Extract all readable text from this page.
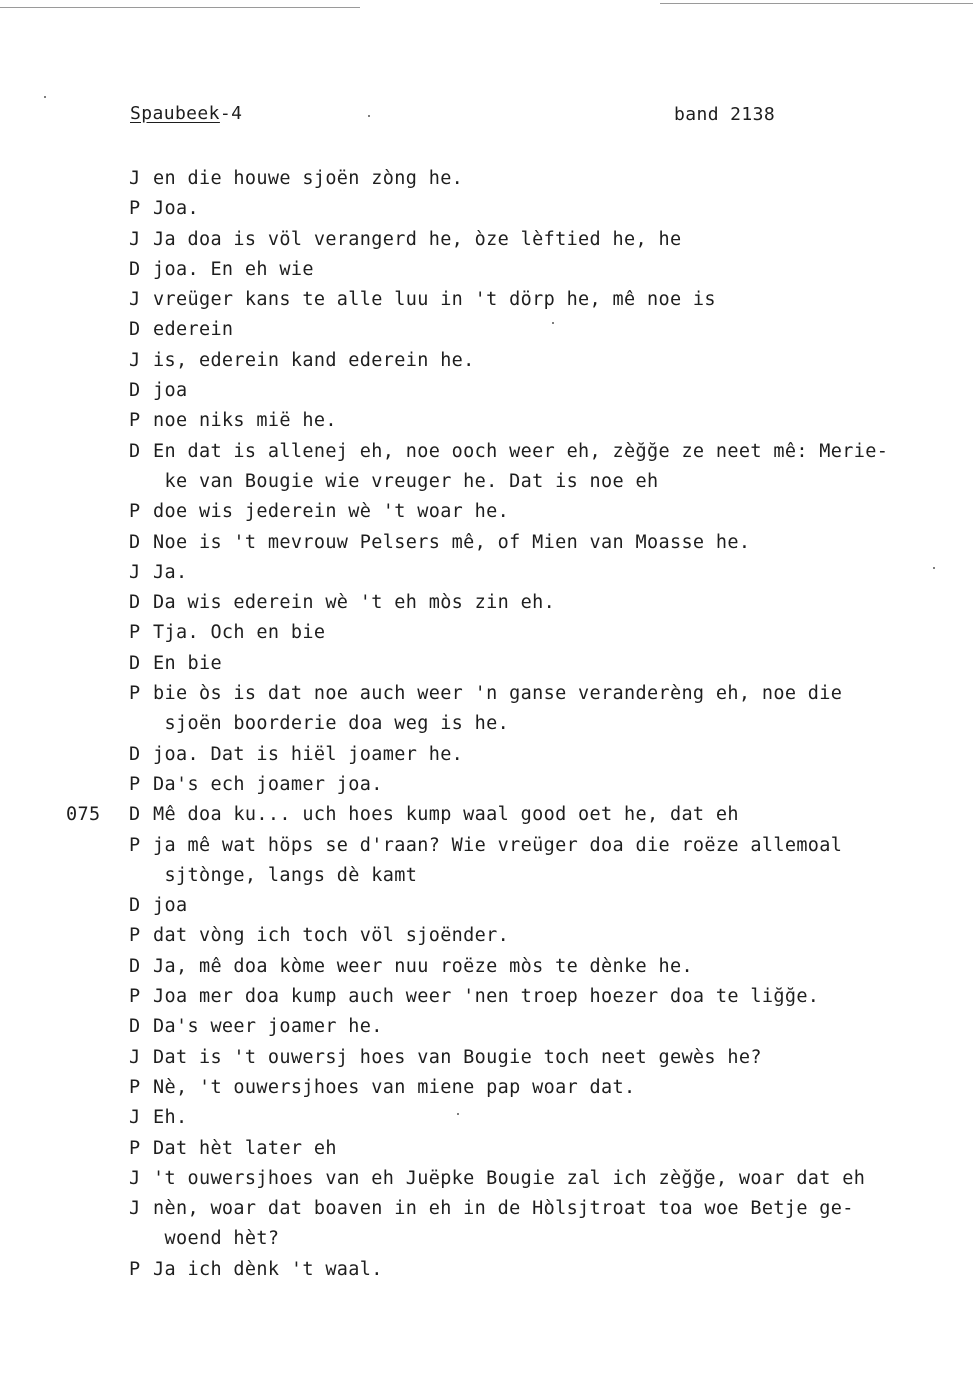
Spaubeek-4	band 2138
J en die houwe sjoën zòng he.
P Joa.
J Ja doa is völ verangerd he, òze lèftied he, he
D joa. En eh wie
J vreüger kans te alle luu in 't dörp he, mê noe is
D ederein
J is, ederein kand ederein he.
D joa
P noe niks mië he.
D En dat is allenej eh, noe ooch weer eh, zèğğe ze neet mê: Merie-
ke van Bougie wie vreuger he. Dat is noe eh
P doe wis jederein wè 't woar he.
D Noe is 't mevrouw Pelsers mê, of Mien van Moasse he.
J Ja.
D Da wis ederein wè 't eh mòs zin eh.
P Tja. Och en bie
D En bie
P bie òs is dat noe auch weer 'n ganse veranderèng eh, noe die
sjoën boorderie doa weg is he.
D joa. Dat is hiël joamer he.
P Da's ech joamer joa.
075 D Mê doa ku... uch hoes kump waal good oet he, dat eh
P ja mê wat höps se d'raan? Wie vreüger doa die roëze allemoal
sjtònge, langs dè kamt
D joa
P dat vòng ich toch völ sjoënder.
D Ja, mê doa kòme weer nuu roëze mòs te dènke he.
P Joa mer doa kump auch weer 'nen troep hoezer doa te liğğe.
D Da's weer joamer he.
J Dat is 't ouwersj hoes van Bougie toch neet gewès he?
P Nè, 't ouwersjhoes van miene pap woar dat.
J Eh.
P Dat hèt later eh
J 't ouwersjhoes van eh Juëpke Bougie zal ich zèğğe, woar dat eh
J nèn, woar dat boaven in eh in de Hòlsjtroat toa woe Betje ge-
woend hèt?
P Ja ich dènk 't waal.
